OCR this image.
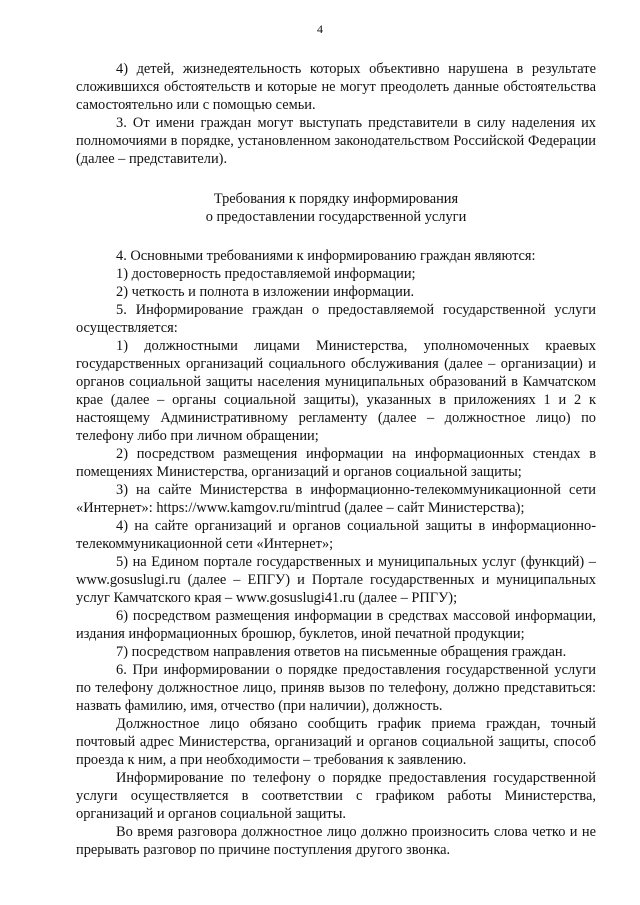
4

4) детей, жизнедеятельность которых объективно нарушена в результате сложившихся обстоятельств и которые не могут преодолеть данные обстоятельства самостоятельно или с помощью семьи.

3. От имени граждан могут выступать представители в силу наделения их полномочиями в порядке, установленном законодательством Российской Федерации (далее – представители).

Требования к порядку информирования
о предоставлении государственной услуги

4. Основными требованиями к информированию граждан являются:

1) достоверность предоставляемой информации;

2) четкость и полнота в изложении информации.

5. Информирование граждан о предоставляемой государственной услуги осуществляется:

1) должностными лицами Министерства, уполномоченных краевых государственных организаций социального обслуживания (далее – организации) и органов социальной защиты населения муниципальных образований в Камчатском крае (далее – органы социальной защиты), указанных в приложениях 1 и 2 к настоящему Административному регламенту (далее – должностное лицо) по телефону либо при личном обращении;

2) посредством размещения информации на информационных стендах в помещениях Министерства, организаций и органов социальной защиты;

3) на сайте Министерства в информационно-телекоммуникационной сети «Интернет»: https://www.kamgov.ru/mintrud (далее – сайт Министерства);

4) на сайте организаций и органов социальной защиты в информационно-телекоммуникационной сети «Интернет»;

5) на Едином портале государственных и муниципальных услуг (функций) – www.gosuslugi.ru (далее – ЕПГУ) и Портале государственных и муниципальных услуг Камчатского края – www.gosuslugi41.ru (далее – РПГУ);

6) посредством размещения информации в средствах массовой информации, издания информационных брошюр, буклетов, иной печатной продукции;

7) посредством направления ответов на письменные обращения граждан.

6. При информировании о порядке предоставления государственной услуги по телефону должностное лицо, приняв вызов по телефону, должно представиться: назвать фамилию, имя, отчество (при наличии), должность.

Должностное лицо обязано сообщить график приема граждан, точный почтовый адрес Министерства, организаций и органов социальной защиты, способ проезда к ним, а при необходимости – требования к заявлению.

Информирование по телефону о порядке предоставления государственной услуги осуществляется в соответствии с графиком работы Министерства, организаций и органов социальной защиты.

Во время разговора должностное лицо должно произносить слова четко и не прерывать разговор по причине поступления другого звонка.
